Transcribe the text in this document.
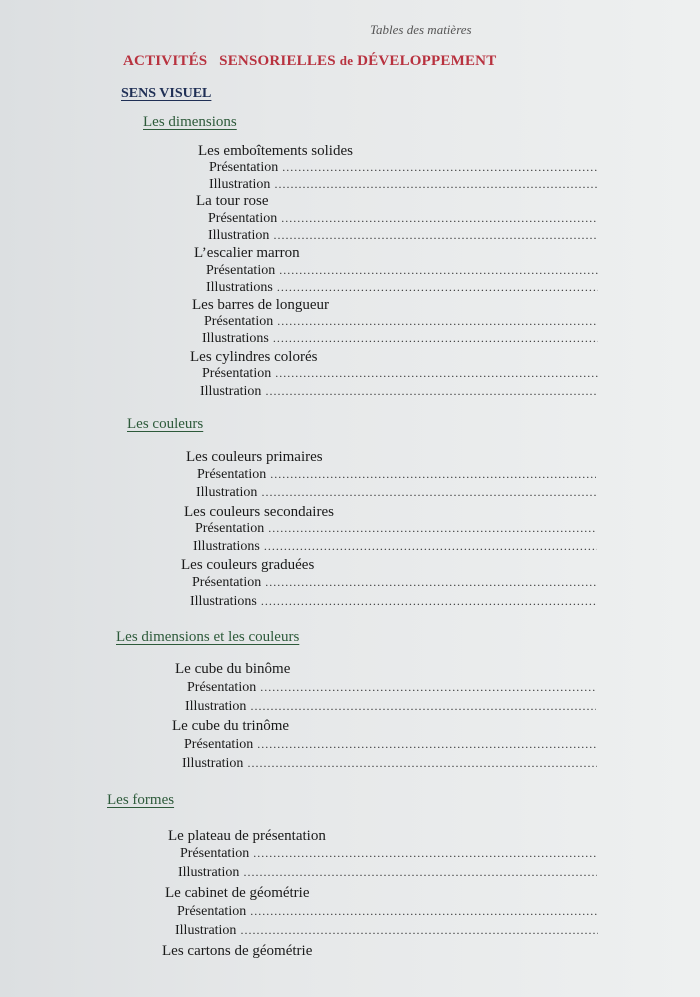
Tables des matières
ACTIVITÉS   SENSORIELLES de DÉVELOPPEMENT
SENS VISUEL
Les dimensions
Les emboîtements solides
Présentation
.....
Illustration
.....
La tour rose
Présentation
.....
Illustration
.....
L’escalier marron
Présentation
.....
Illustrations
.....
Les barres de longueur
Présentation
.....
Illustrations
.....
Les cylindres colorés
Présentation
.....
Illustration
.....
Les couleurs
Les couleurs primaires
Présentation
.....
Illustration
.....
Les couleurs secondaires
Présentation
.....
Illustrations
.....
Les couleurs graduées
Présentation
.....
Illustrations
.....
Les dimensions et les couleurs
Le cube du binôme
Présentation
.....
Illustration
.....
Le cube du trinôme
Présentation
.....
Illustration
.....
Les formes
Le plateau de présentation
Présentation
.....
Illustration
.....
Le cabinet de géométrie
Présentation
.....
Illustration
.....
Les cartons de géométrie
